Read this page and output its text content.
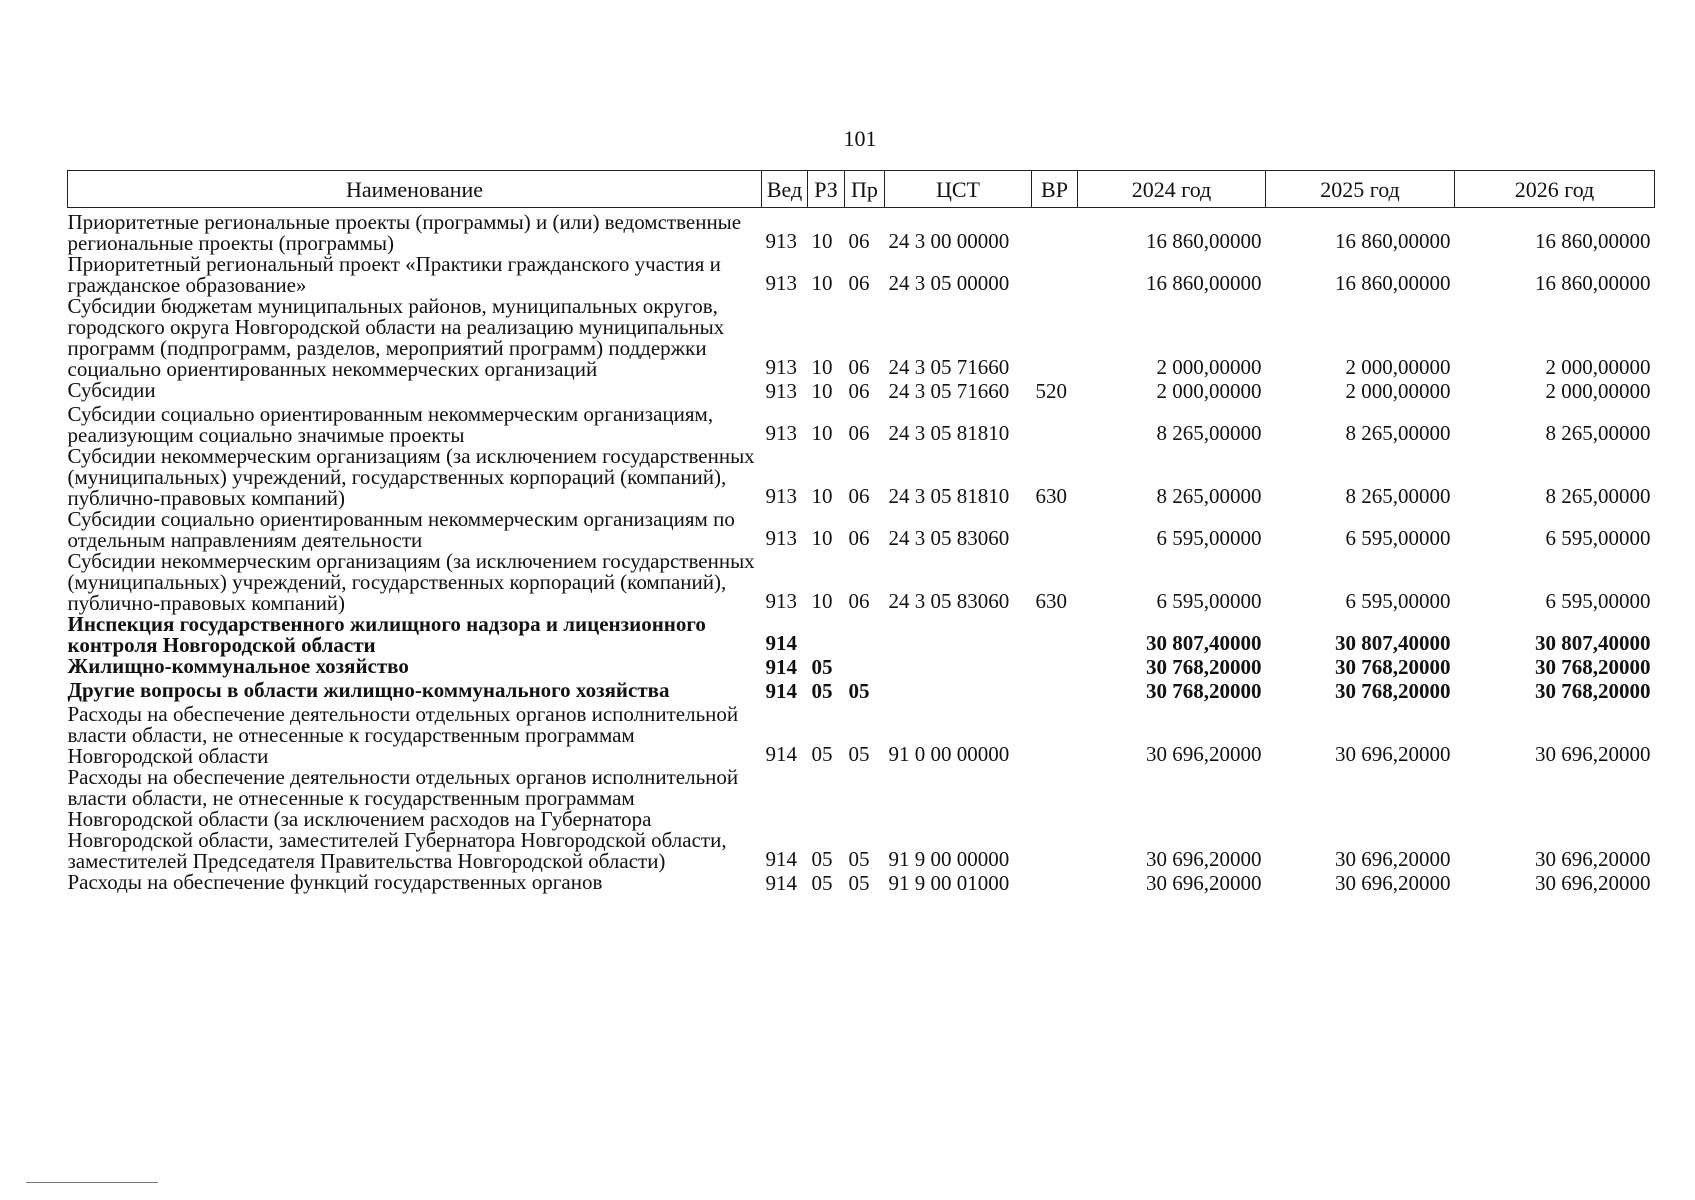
101
Наименование	Вед	РЗ	Пр	ЦСТ	ВР	2024 год	2025 год	2026 год
Приоритетные региональные проекты (программы) и (или) ведомственные региональные проекты (программы)	913	10	06	24 3 00 00000		16 860,00000	16 860,00000	16 860,00000
Приоритетный региональный проект «Практики гражданского участия и гражданское образование»	913	10	06	24 3 05 00000		16 860,00000	16 860,00000	16 860,00000
Субсидии бюджетам муниципальных районов, муниципальных округов, городского округа Новгородской области на реализацию муниципальных программ (подпрограмм, разделов, мероприятий программ) поддержки социально ориентированных некоммерческих организаций	913	10	06	24 3 05 71660		2 000,00000	2 000,00000	2 000,00000
Субсидии	913	10	06	24 3 05 71660	520	2 000,00000	2 000,00000	2 000,00000
Субсидии социально ориентированным некоммерческим организациям, реализующим социально значимые проекты	913	10	06	24 3 05 81810		8 265,00000	8 265,00000	8 265,00000
Субсидии некоммерческим организациям (за исключением государственных (муниципальных) учреждений, государственных корпораций (компаний), публично-правовых компаний)	913	10	06	24 3 05 81810	630	8 265,00000	8 265,00000	8 265,00000
Субсидии социально ориентированным некоммерческим организациям по отдельным направлениям деятельности	913	10	06	24 3 05 83060		6 595,00000	6 595,00000	6 595,00000
Субсидии некоммерческим организациям (за исключением государственных (муниципальных) учреждений, государственных корпораций (компаний), публично-правовых компаний)	913	10	06	24 3 05 83060	630	6 595,00000	6 595,00000	6 595,00000
Инспекция государственного жилищного надзора и лицензионного контроля Новгородской области	914					30 807,40000	30 807,40000	30 807,40000
Жилищно-коммунальное хозяйство	914	05				30 768,20000	30 768,20000	30 768,20000
Другие вопросы в области жилищно-коммунального хозяйства	914	05	05			30 768,20000	30 768,20000	30 768,20000
Расходы на обеспечение деятельности отдельных органов исполнительной власти области, не отнесенные к государственным программам Новгородской области	914	05	05	91 0 00 00000		30 696,20000	30 696,20000	30 696,20000
Расходы на обеспечение деятельности отдельных органов исполнительной власти области, не отнесенные к государственным программам Новгородской области (за исключением расходов на Губернатора Новгородской области, заместителей Губернатора Новгородской области, заместителей Председателя Правительства Новгородской области)	914	05	05	91 9 00 00000		30 696,20000	30 696,20000	30 696,20000
Расходы на обеспечение функций государственных органов	914	05	05	91 9 00 01000		30 696,20000	30 696,20000	30 696,20000
